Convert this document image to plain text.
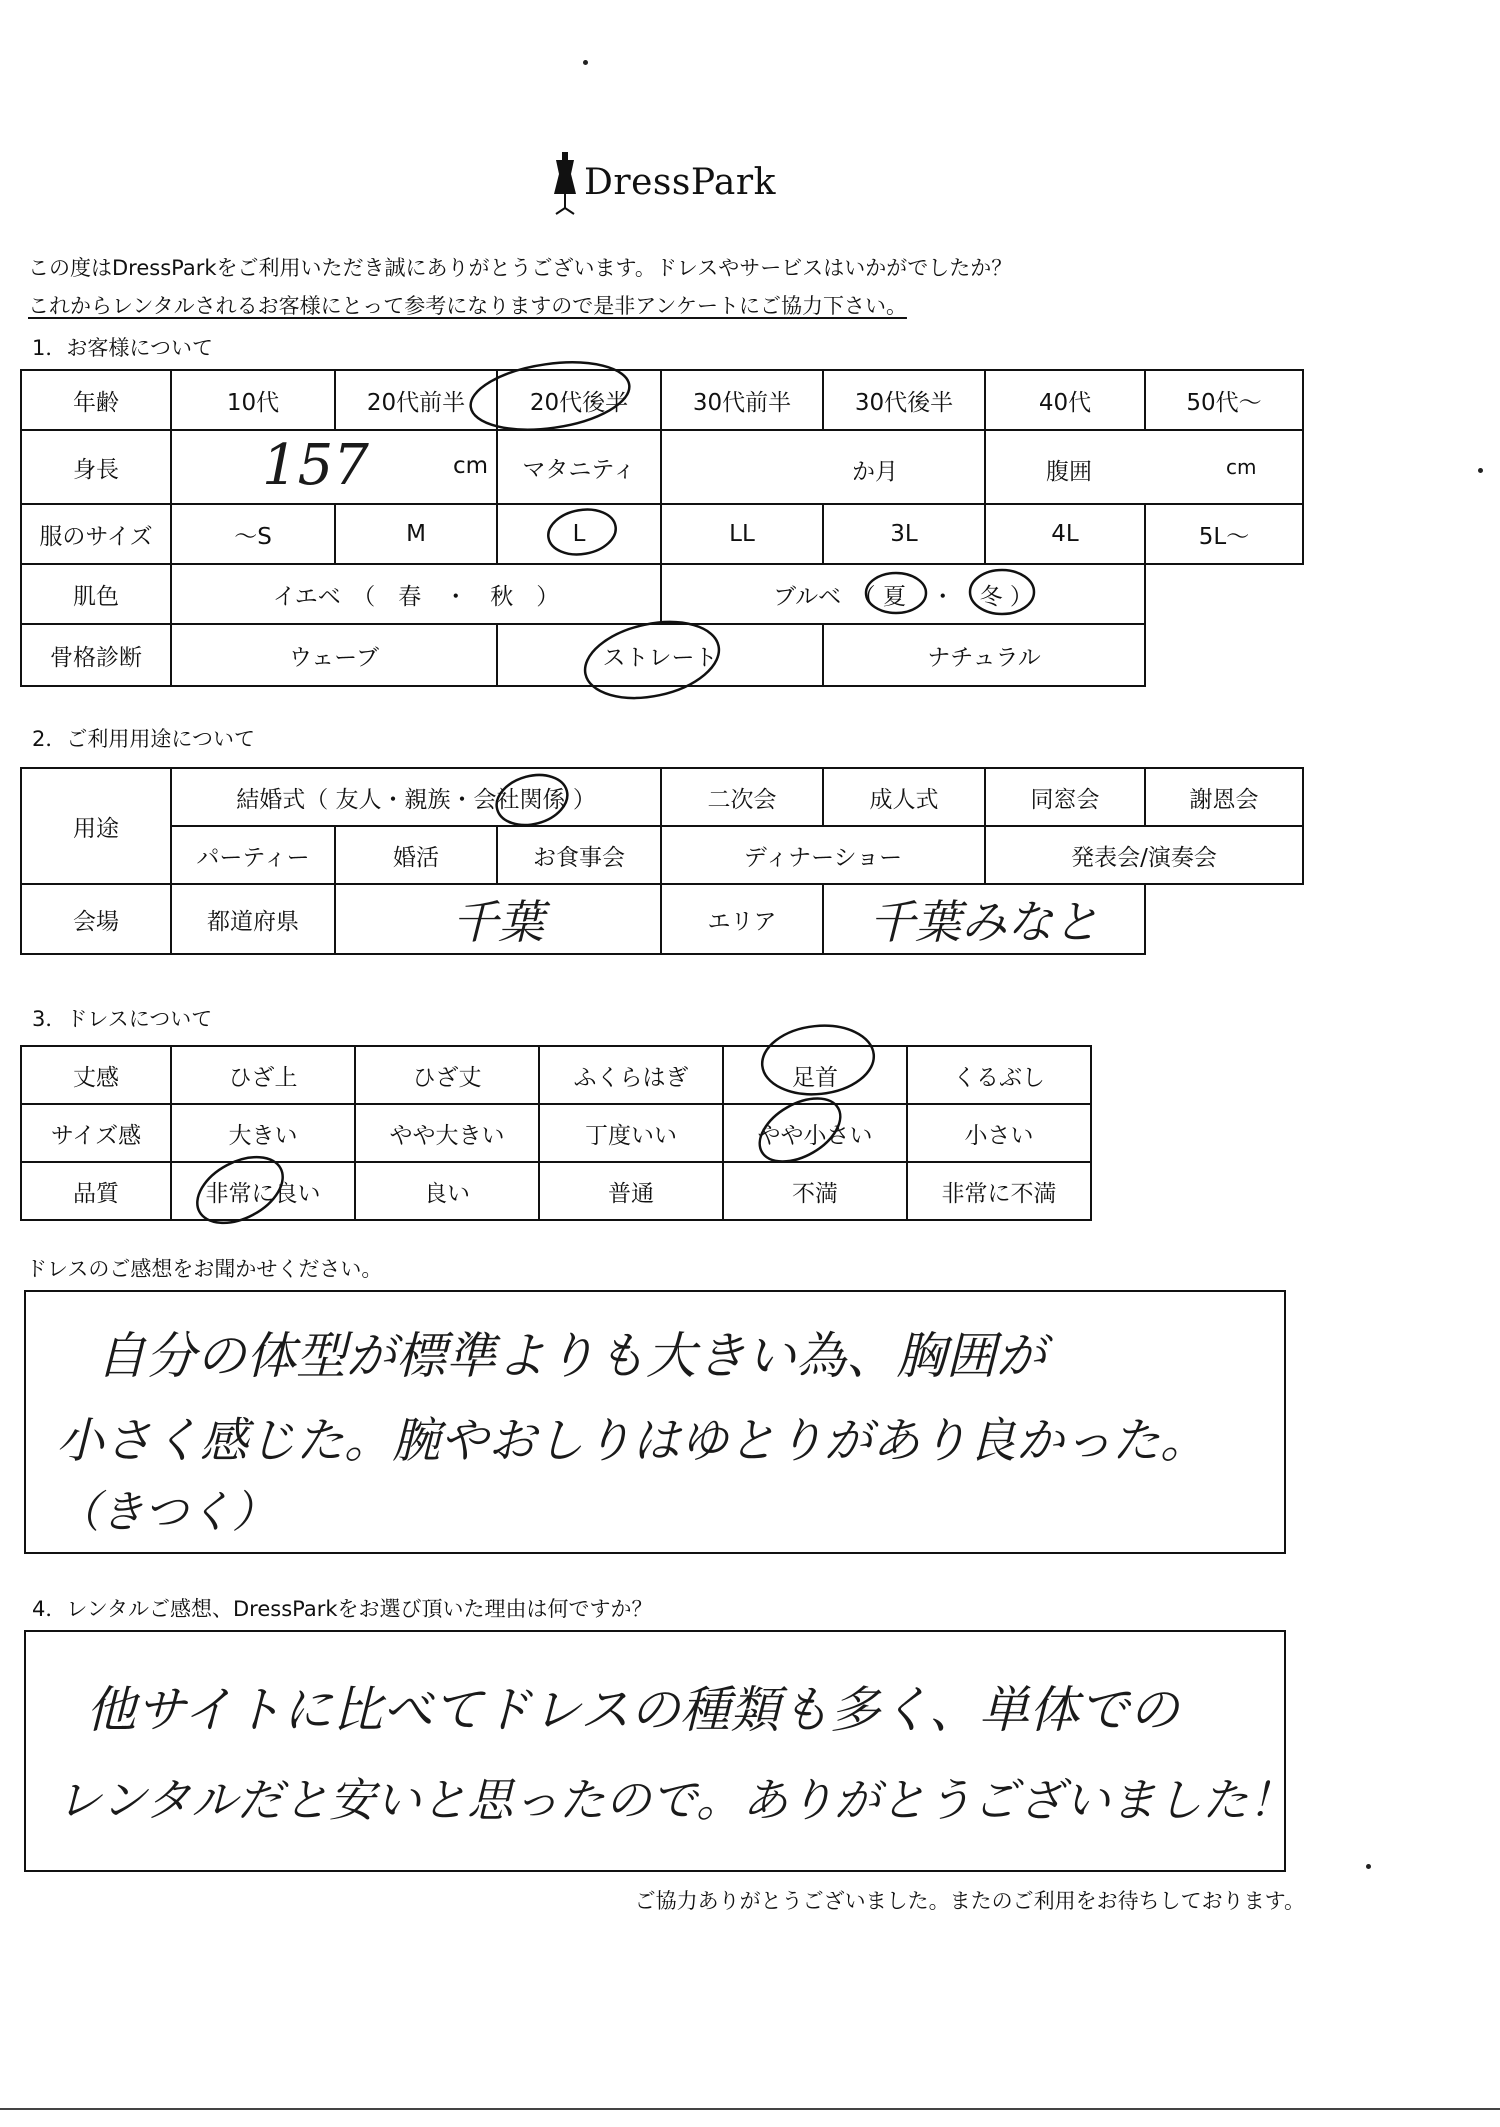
DressPark
この度はDressParkをご利用いただき誠にありがとうございます。ドレスやサービスはいかがでしたか？
これからレンタルされるお客様にとって参考になりますので是非アンケートにご協力下さい。
1．お客様について
年齢	10代	20代前半	20代後半	30代前半	30代後半	40代	50代～
身長	157 cm		マタニティ	か月		腹囲 cm	

服のサイズ	～S	M	L	LL	3L	4L	5L～
肌色	イエベ　（　春　・　秋　）			ブルベ　（ 夏 ・ 冬 ）			
骨格診断	ウェーブ		ストレート		ナチュラル		
2．ご利用用途について
用途	結婚式（ 友人・親族・会社関係 ）			二次会	成人式	同窓会	謝恩会
	パーティー	婚活	お食事会	ディナーショー		発表会/演奏会	
会場	都道府県	千葉		エリア	千葉みなと		
3．ドレスについて
丈感	ひざ上	ひざ丈	ふくらはぎ	足首	くるぶし
サイズ感	大きい	やや大きい	丁度いい	やや小さい	小さい
品質	非常に良い	良い	普通	不満	非常に不満
ドレスのご感想をお聞かせください。
自分の体型が標準よりも大きい為、胸囲が
小さく感じた。腕やおしりはゆとりがあり良かった。
（きつく）
4．レンタルご感想、DressParkをお選び頂いた理由は何ですか？
他サイトに比べてドレスの種類も多く、単体での
レンタルだと安いと思ったので。ありがとうございました！
ご協力ありがとうございました。またのご利用をお待ちしております。
